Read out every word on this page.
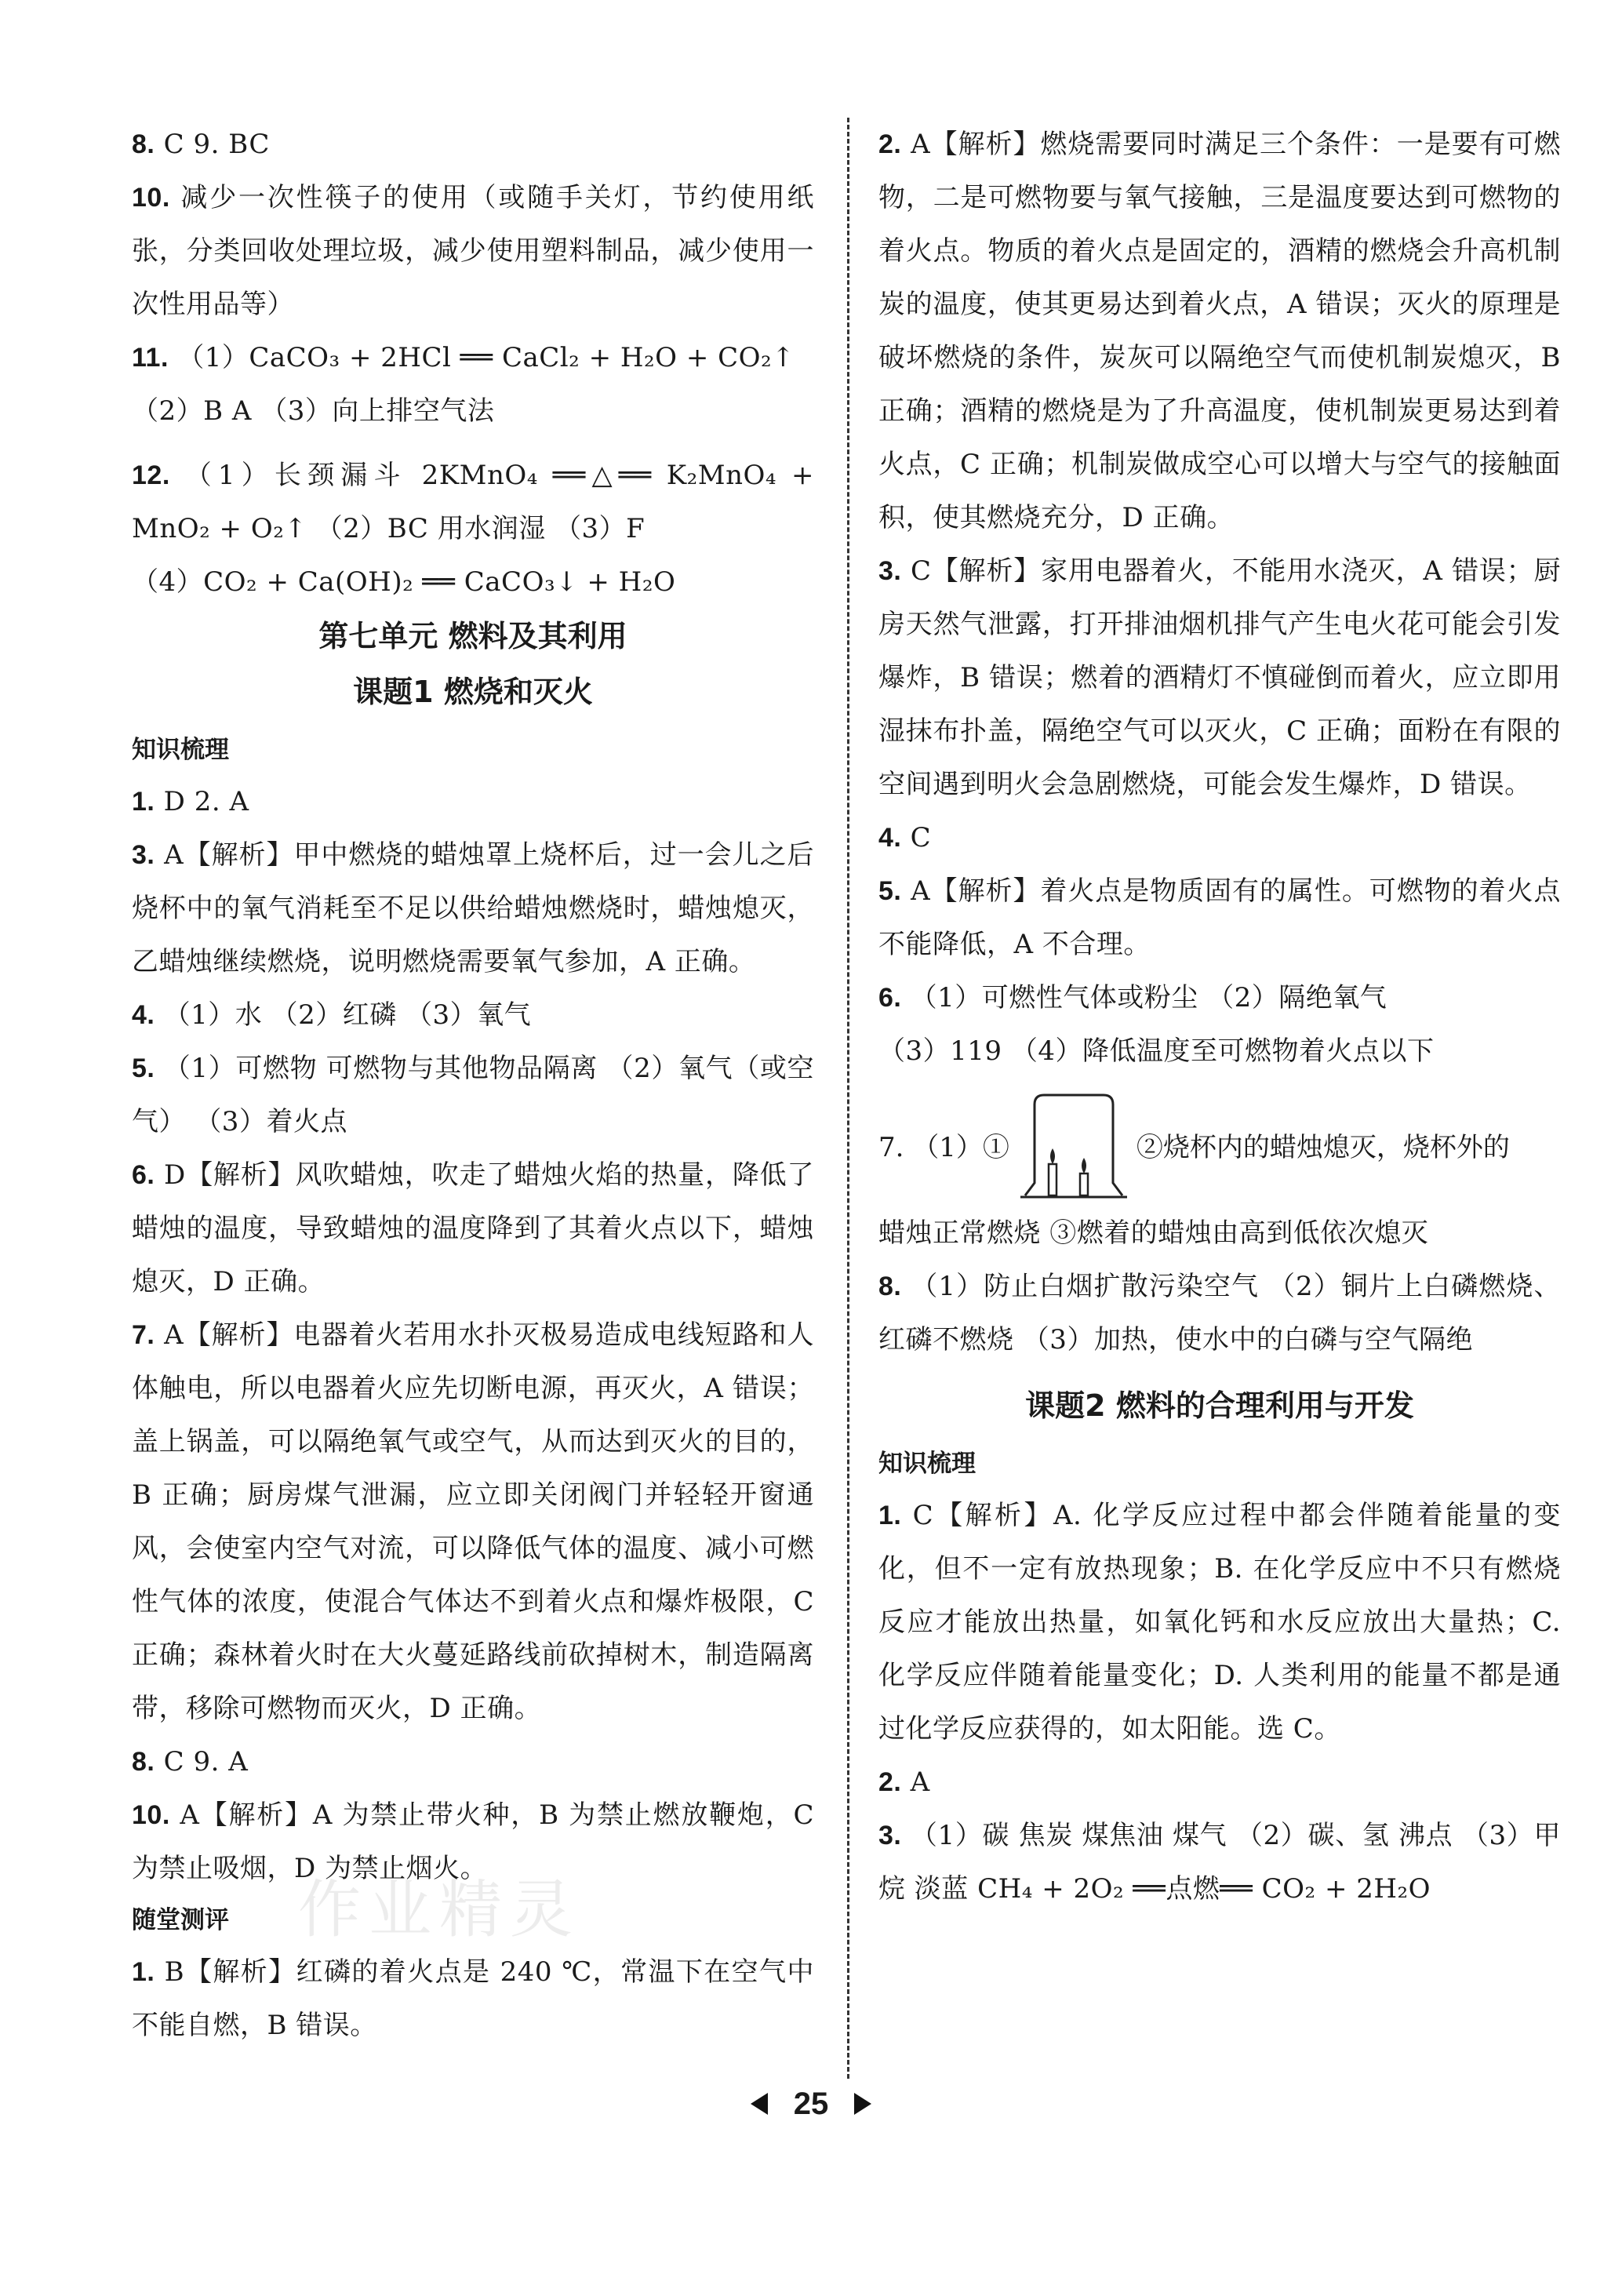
8. C 9. BC

10. 减少一次性筷子的使用（或随手关灯，节约使用纸张，分类回收处理垃圾，减少使用塑料制品，减少使用一次性用品等）

11. （1）CaCO₃ + 2HCl ══ CaCl₂ + H₂O + CO₂↑

（2）B A （3）向上排空气法

12. （1）长颈漏斗 2KMnO₄ ══△══ K₂MnO₄ + MnO₂ + O₂↑ （2）BC 用水润湿 （3）F

（4）CO₂ + Ca(OH)₂ ══ CaCO₃↓ + H₂O

第七单元 燃料及其利用
课题1 燃烧和灭火
知识梳理

1. D 2. A

3. A【解析】甲中燃烧的蜡烛罩上烧杯后，过一会儿之后烧杯中的氧气消耗至不足以供给蜡烛燃烧时，蜡烛熄灭，乙蜡烛继续燃烧，说明燃烧需要氧气参加，A 正确。

4. （1）水 （2）红磷 （3）氧气

5. （1）可燃物 可燃物与其他物品隔离 （2）氧气（或空气） （3）着火点

6. D【解析】风吹蜡烛，吹走了蜡烛火焰的热量，降低了蜡烛的温度，导致蜡烛的温度降到了其着火点以下，蜡烛熄灭，D 正确。

7. A【解析】电器着火若用水扑灭极易造成电线短路和人体触电，所以电器着火应先切断电源，再灭火，A 错误；盖上锅盖，可以隔绝氧气或空气，从而达到灭火的目的，B 正确；厨房煤气泄漏，应立即关闭阀门并轻轻开窗通风，会使室内空气对流，可以降低气体的温度、减小可燃性气体的浓度，使混合气体达不到着火点和爆炸极限，C 正确；森林着火时在大火蔓延路线前砍掉树木，制造隔离带，移除可燃物而灭火，D 正确。

8. C 9. A

10. A【解析】A 为禁止带火种，B 为禁止燃放鞭炮，C 为禁止吸烟，D 为禁止烟火。

随堂测评

1. B【解析】红磷的着火点是 240 ℃，常温下在空气中不能自燃，B 错误。

2. A【解析】燃烧需要同时满足三个条件：一是要有可燃物，二是可燃物要与氧气接触，三是温度要达到可燃物的着火点。物质的着火点是固定的，酒精的燃烧会升高机制炭的温度，使其更易达到着火点，A 错误；灭火的原理是破坏燃烧的条件，炭灰可以隔绝空气而使机制炭熄灭，B 正确；酒精的燃烧是为了升高温度，使机制炭更易达到着火点，C 正确；机制炭做成空心可以增大与空气的接触面积，使其燃烧充分，D 正确。

3. C【解析】家用电器着火，不能用水浇灭，A 错误；厨房天然气泄露，打开排油烟机排气产生电火花可能会引发爆炸，B 错误；燃着的酒精灯不慎碰倒而着火，应立即用湿抹布扑盖，隔绝空气可以灭火，C 正确；面粉在有限的空间遇到明火会急剧燃烧，可能会发生爆炸，D 错误。

4. C

5. A【解析】着火点是物质固有的属性。可燃物的着火点不能降低，A 不合理。

6. （1）可燃性气体或粉尘 （2）隔绝氧气

（3）119 （4）降低温度至可燃物着火点以下

7. （1）①	②烧杯内的蜡烛熄灭，烧杯外的

蜡烛正常燃烧 ③燃着的蜡烛由高到低依次熄灭

8. （1）防止白烟扩散污染空气 （2）铜片上白磷燃烧、红磷不燃烧 （3）加热，使水中的白磷与空气隔绝

课题2 燃料的合理利用与开发
知识梳理

1. C【解析】A. 化学反应过程中都会伴随着能量的变化，但不一定有放热现象；B. 在化学反应中不只有燃烧反应才能放出热量，如氧化钙和水反应放出大量热；C. 化学反应伴随着能量变化；D. 人类利用的能量不都是通过化学反应获得的，如太阳能。选 C。

2. A

3. （1）碳 焦炭 煤焦油 煤气 （2）碳、氢 沸点 （3）甲烷 淡蓝 CH₄ + 2O₂ ══点燃══ CO₂ + 2H₂O

作业精灵
25
